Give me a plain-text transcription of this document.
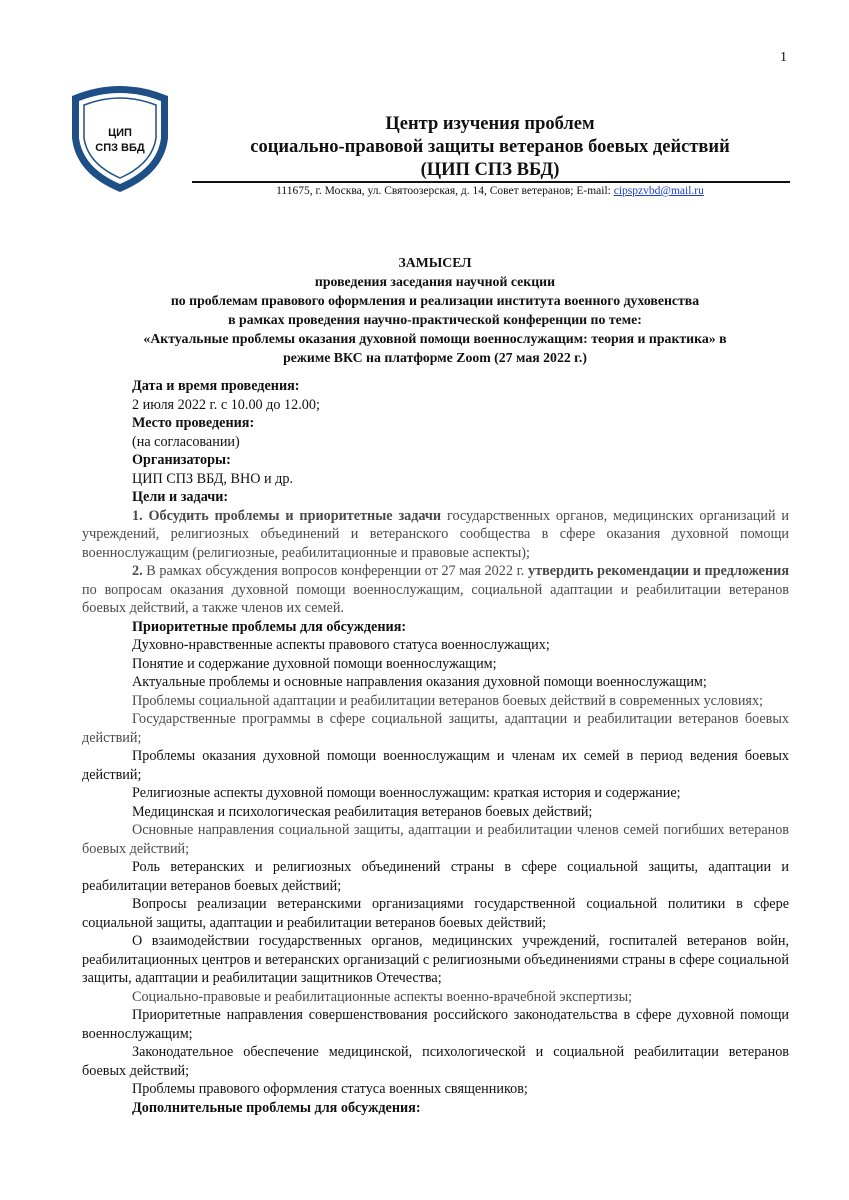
1
ЦИП
СПЗ ВБД
Центр изучения проблем
социально-правовой защиты ветеранов боевых действий
(ЦИП СПЗ ВБД)
111675, г. Москва, ул. Святоозерская, д. 14, Совет ветеранов; E-mail: cipspzvbd@mail.ru
ЗАМЫСЕЛ
проведения заседания научной секции
по проблемам правового оформления и реализации института военного духовенства
в рамках проведения научно-практической конференции по теме:
«Актуальные проблемы оказания духовной помощи военнослужащим: теория и практика» в
режиме ВКС на платформе Zoom (27 мая 2022 г.)
Дата и время проведения:
2 июля 2022 г. с 10.00 до 12.00;
Место проведения:
(на согласовании)
Организаторы:
ЦИП СПЗ ВБД, ВНО и др.
Цели и задачи:

1. Обсудить проблемы и приоритетные задачи государственных органов, медицинских организаций и учреждений, религиозных объединений и ветеранского сообщества в сфере оказания духовной помощи военнослужащим (религиозные, реабилитационные и правовые аспекты);

2. В рамках обсуждения вопросов конференции от 27 мая 2022 г. утвердить рекомендации и предложения по вопросам оказания духовной помощи военнослужащим, социальной адаптации и реабилитации ветеранов боевых действий, а также членов их семей.

Приоритетные проблемы для обсуждения:

Духовно-нравственные аспекты правового статуса военнослужащих;

Понятие и содержание духовной помощи военнослужащим;

Актуальные проблемы и основные направления оказания духовной помощи военнослужащим;

Проблемы социальной адаптации и реабилитации ветеранов боевых действий в современных условиях;

Государственные программы в сфере социальной защиты, адаптации и реабилитации ветеранов боевых действий;

Проблемы оказания духовной помощи военнослужащим и членам их семей в период ведения боевых действий;

Религиозные аспекты духовной помощи военнослужащим: краткая история и содержание;

Медицинская и психологическая реабилитация ветеранов боевых действий;

Основные направления социальной защиты, адаптации и реабилитации членов семей погибших ветеранов боевых действий;

Роль ветеранских и религиозных объединений страны в сфере социальной защиты, адаптации и реабилитации ветеранов боевых действий;

Вопросы реализации ветеранскими организациями государственной социальной политики в сфере социальной защиты, адаптации и реабилитации ветеранов боевых действий;

О взаимодействии государственных органов, медицинских учреждений, госпиталей ветеранов войн, реабилитационных центров и ветеранских организаций с религиозными объединениями страны в сфере социальной защиты, адаптации и реабилитации защитников Отечества;

Социально-правовые и реабилитационные аспекты военно-врачебной экспертизы;

Приоритетные направления совершенствования российского законодательства в сфере духовной помощи военнослужащим;

Законодательное обеспечение медицинской, психологической и социальной реабилитации ветеранов боевых действий;

Проблемы правового оформления статуса военных священников;

Дополнительные проблемы для обсуждения:
